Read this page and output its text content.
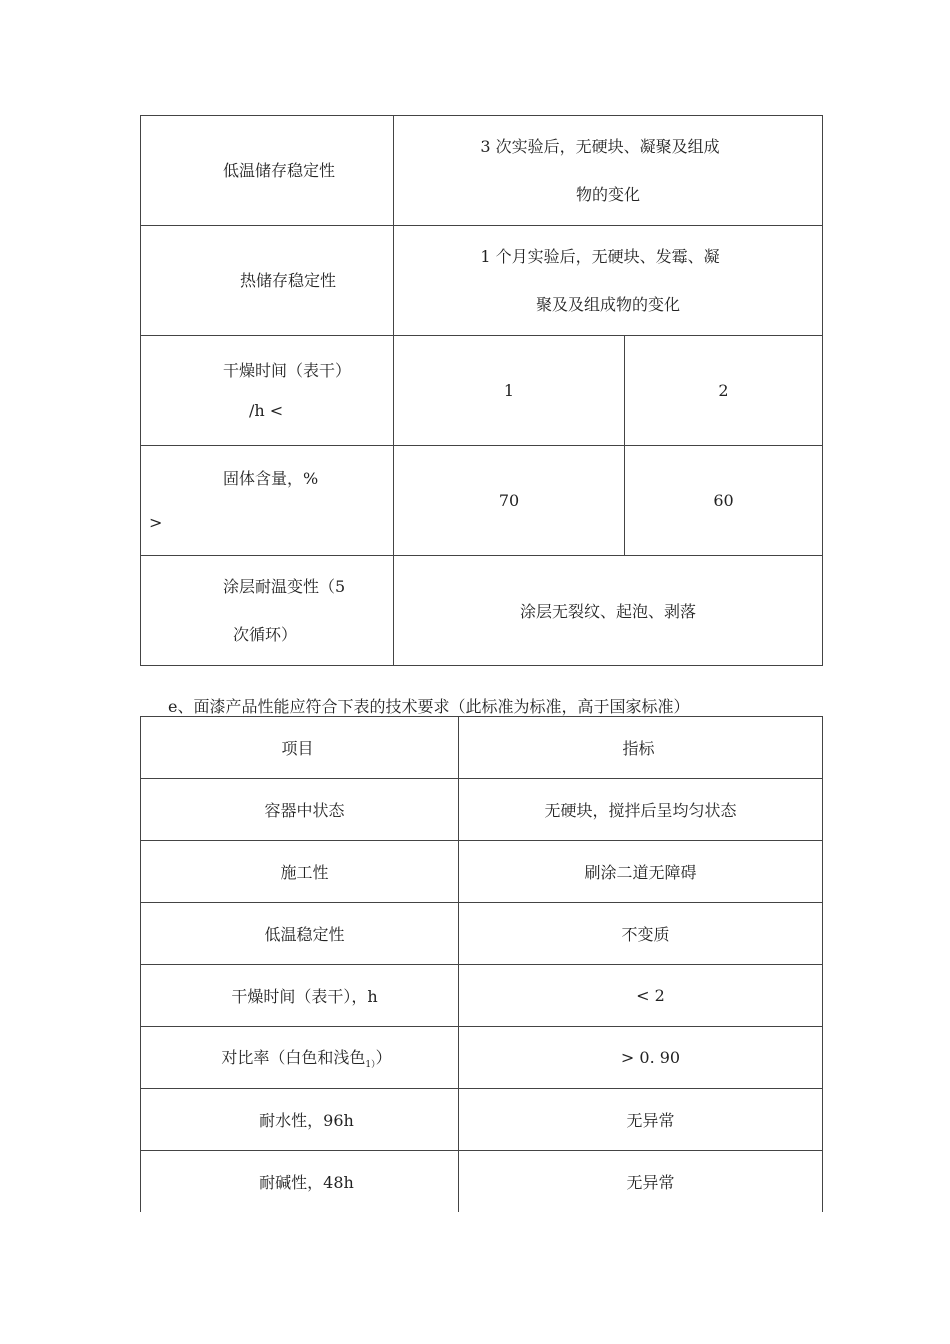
低温储存稳定性	3 次实验后，无硬块、凝聚及组成
物的变化	

热储存稳定性	1 个月实验后，无硬块、发霉、凝
聚及及组成物的变化	

干燥时间（表干）
/h <	1	2

固体含量，%
>	70	60

涂层耐温变性（5
次循环）	涂层无裂纹、起泡、剥落	
e、面漆产品性能应符合下表的技术要求（此标准为标准，高于国家标准）
项目	指标
容器中状态	无硬块，搅拌后呈均匀状态
施工性	刷涂二道无障碍
低温稳定性	不变质
干燥时间（表干），h	< 2
对比率（白色和浅色$_{1)}$）	> 0. 90
耐水性，96h	无异常
耐碱性，48h	无异常
